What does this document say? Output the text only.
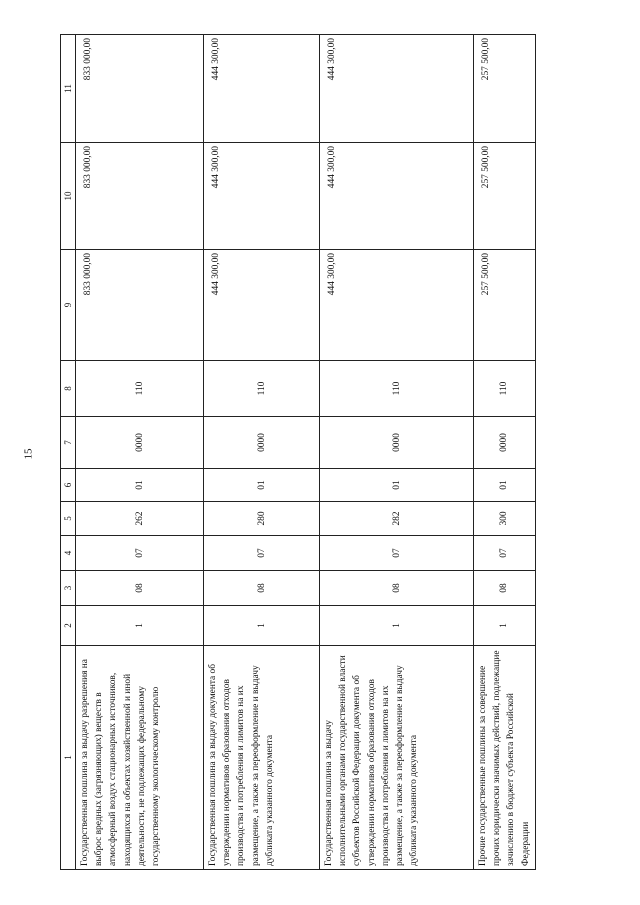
15
1	2	3	4	5	6	7	8	9	10	11
Государственная пошлина за выдачу разрешения на выброс вредных (загрязняющих) веществ в атмосферный воздух стационарных источников, находящихся на объектах хозяйственной и иной деятельности, не подлежащих федеральному государственному экологическому контролю	1	08	07	262	01	0000	110	833 000,00	833 000,00	833 000,00
Государственная пошлина за выдачу документа об утверждении нормативов образования отходов производства и потребления и лимитов на их размещение, а также за переоформление и выдачу дубликата указанного документа	1	08	07	280	01	0000	110	444 300,00	444 300,00	444 300,00
Государственная пошлина за выдачу исполнительными органами государственной власти субъектов Российской Федерации документа об утверждении нормативов образования отходов производства и потребления и лимитов на их размещение, а также за переоформление и выдачу дубликата указанного документа	1	08	07	282	01	0000	110	444 300,00	444 300,00	444 300,00
Прочие государственные пошлины за совершение прочих юридически значимых действий, подлежащие зачислению в бюджет субъекта Российской Федерации	1	08	07	300	01	0000	110	257 500,00	257 500,00	257 500,00
